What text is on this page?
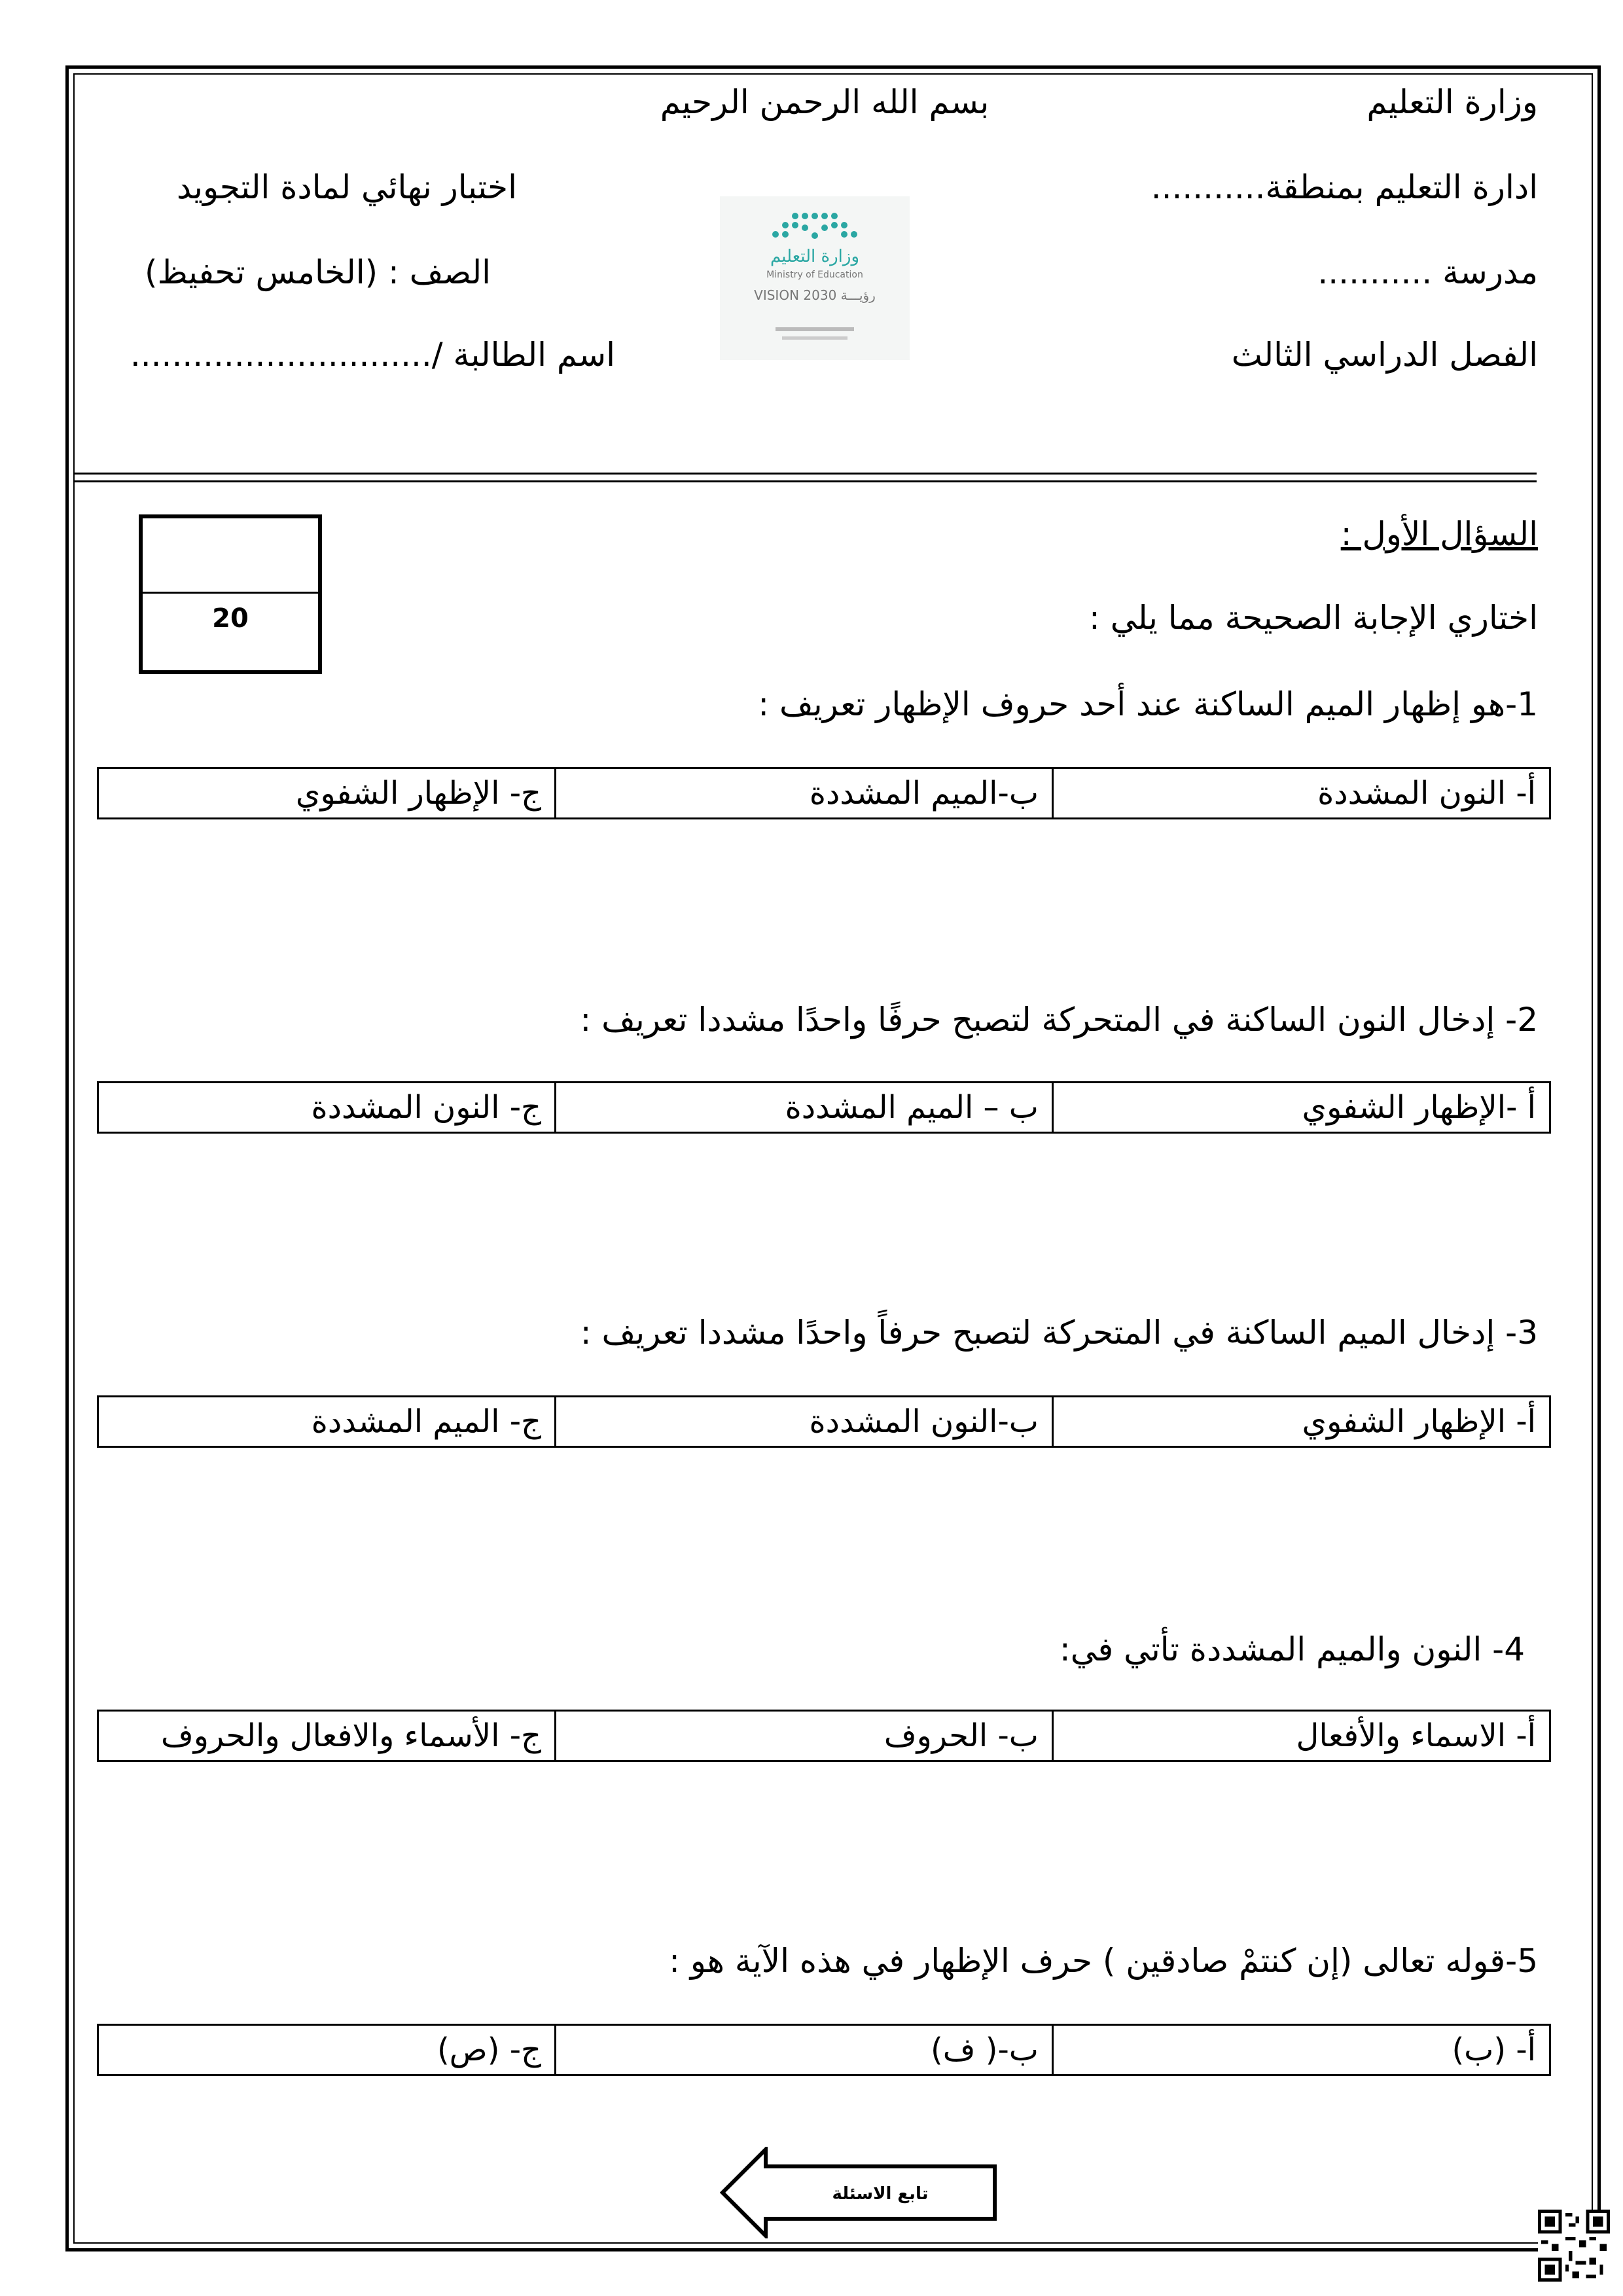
وزارة التعليم
بسم الله الرحمن الرحيم
ادارة التعليم بمنطقة...........
اختبار نهائي لمادة التجويد
مدرسة ...........
الصف : (الخامس تحفيظ)
الفصل الدراسي الثالث
اسم الطالبة /.............................
وزارة التعليم
Ministry of Education
VISION رؤيـــة 2030
20
السؤال الأول :
اختاري الإجابة الصحيحة مما يلي :
1-هو إظهار الميم الساكنة عند أحد حروف الإظهار تعريف :
أ- النون المشددة
ب-الميم المشددة
ج- الإظهار الشفوي
2- إدخال النون الساكنة في المتحركة لتصبح حرفًا واحدًا مشددا تعريف :
أ -الإظهار الشفوي
ب – الميم المشددة
ج- النون المشددة
3- إدخال الميم الساكنة في المتحركة لتصبح حرفاً واحدًا مشددا تعريف :
أ- الإظهار الشفوي
ب-النون المشددة
ج- الميم المشددة
4- النون والميم المشددة تأتي في:
أ- الاسماء والأفعال
ب- الحروف
ج- الأسماء والافعال والحروف
5-قوله تعالى (إن كنتمْ صادقين ) حرف الإظهار في هذه الآية هو :
أ- (ب)
ب-( ف)
ج- (ص)
تابع الاسئلة
